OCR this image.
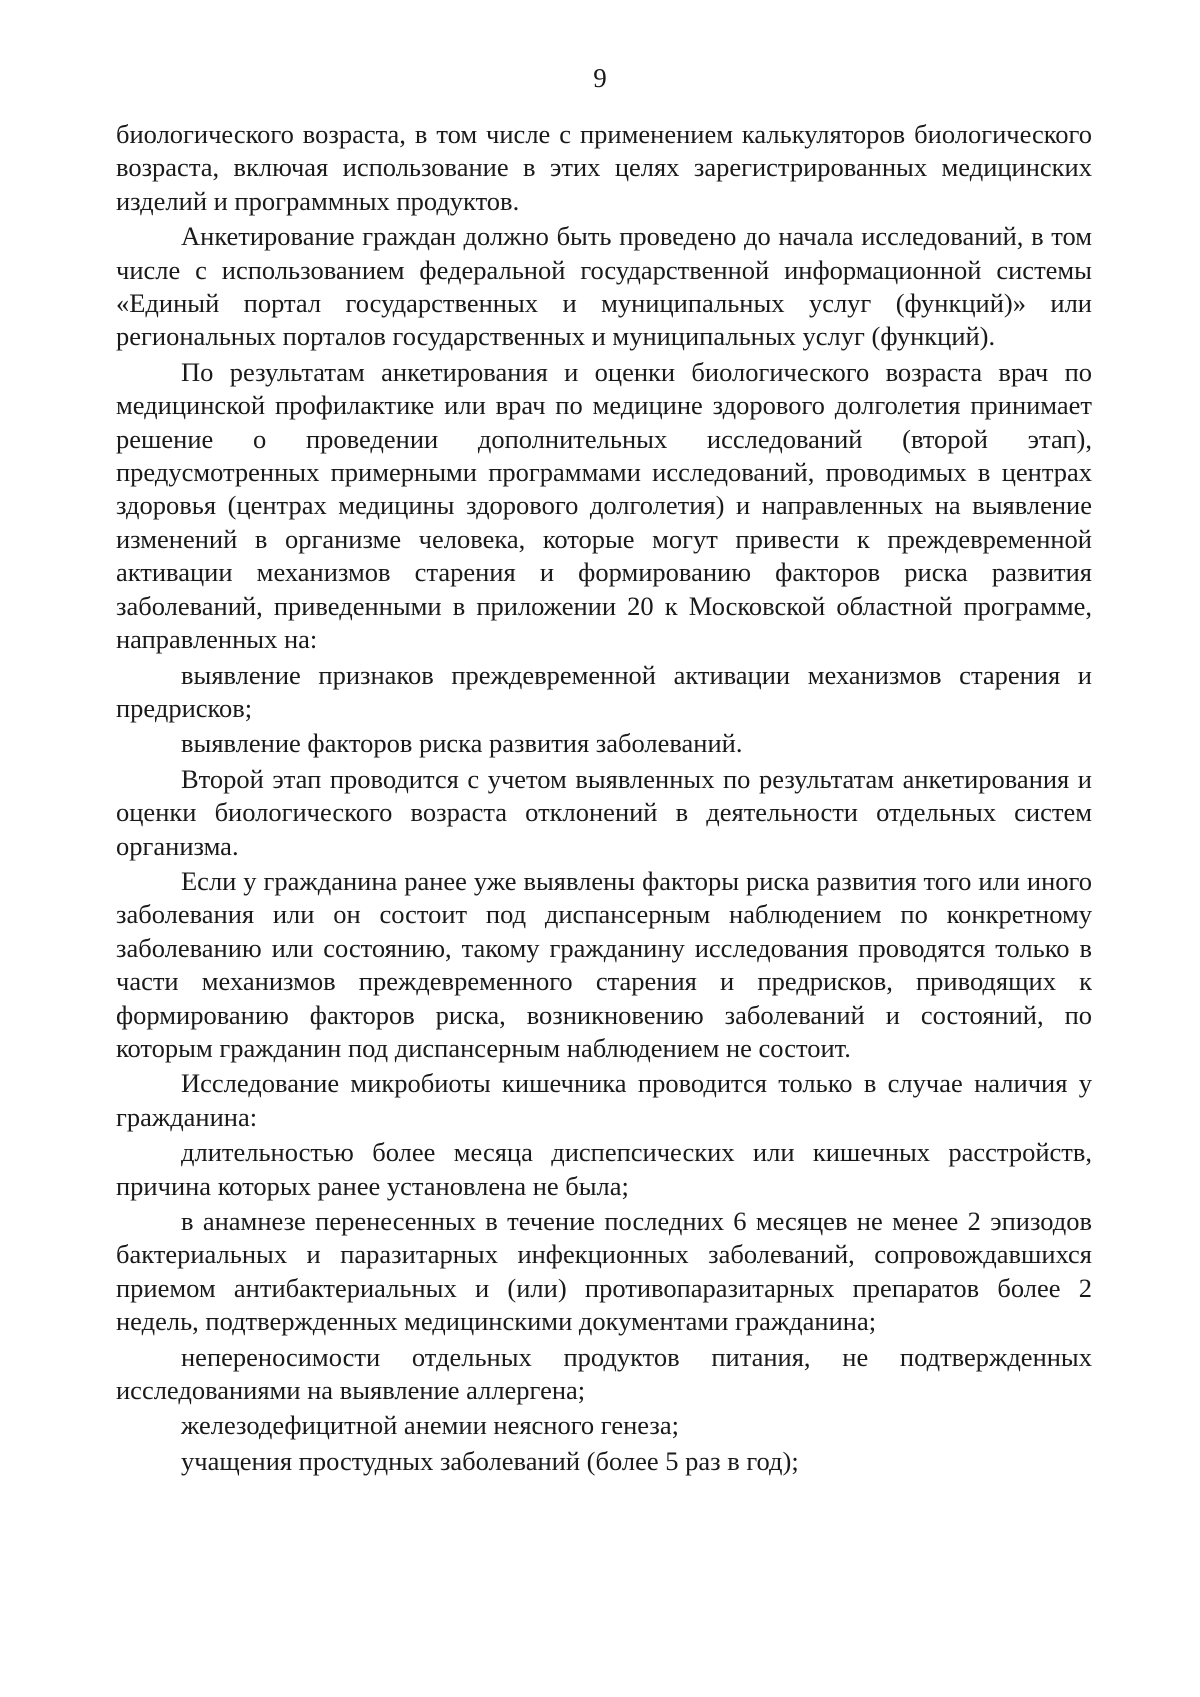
9

биологического возраста, в том числе с применением калькуляторов биологического возраста, включая использование в этих целях зарегистрированных медицинских изделий и программных продуктов.

Анкетирование граждан должно быть проведено до начала исследований, в том числе с использованием федеральной государственной информационной системы «Единый портал государственных и муниципальных услуг (функций)» или региональных порталов государственных и муниципальных услуг (функций).

По результатам анкетирования и оценки биологического возраста врач по медицинской профилактике или врач по медицине здорового долголетия принимает решение о проведении дополнительных исследований (второй этап), предусмотренных примерными программами исследований, проводимых в центрах здоровья (центрах медицины здорового долголетия) и направленных на выявление изменений в организме человека, которые могут привести к преждевременной активации механизмов старения и формированию факторов риска развития заболеваний, приведенными в приложении 20 к Московской областной программе, направленных на:

выявление признаков преждевременной активации механизмов старения и предрисков;

выявление факторов риска развития заболеваний.

Второй этап проводится с учетом выявленных по результатам анкетирования и оценки биологического возраста отклонений в деятельности отдельных систем организма.

Если у гражданина ранее уже выявлены факторы риска развития того или иного заболевания или он состоит под диспансерным наблюдением по конкретному заболеванию или состоянию, такому гражданину исследования проводятся только в части механизмов преждевременного старения и предрисков, приводящих к формированию факторов риска, возникновению заболеваний и состояний, по которым гражданин под диспансерным наблюдением не состоит.

Исследование микробиоты кишечника проводится только в случае наличия у гражданина:

длительностью более месяца диспепсических или кишечных расстройств, причина которых ранее установлена не была;

в анамнезе перенесенных в течение последних 6 месяцев не менее 2 эпизодов бактериальных и паразитарных инфекционных заболеваний, сопровождавшихся приемом антибактериальных и (или) противопаразитарных препаратов более 2 недель, подтвержденных медицинскими документами гражданина;

непереносимости отдельных продуктов питания, не подтвержденных исследованиями на выявление аллергена;

железодефицитной анемии неясного генеза;

учащения простудных заболеваний (более 5 раз в год);
